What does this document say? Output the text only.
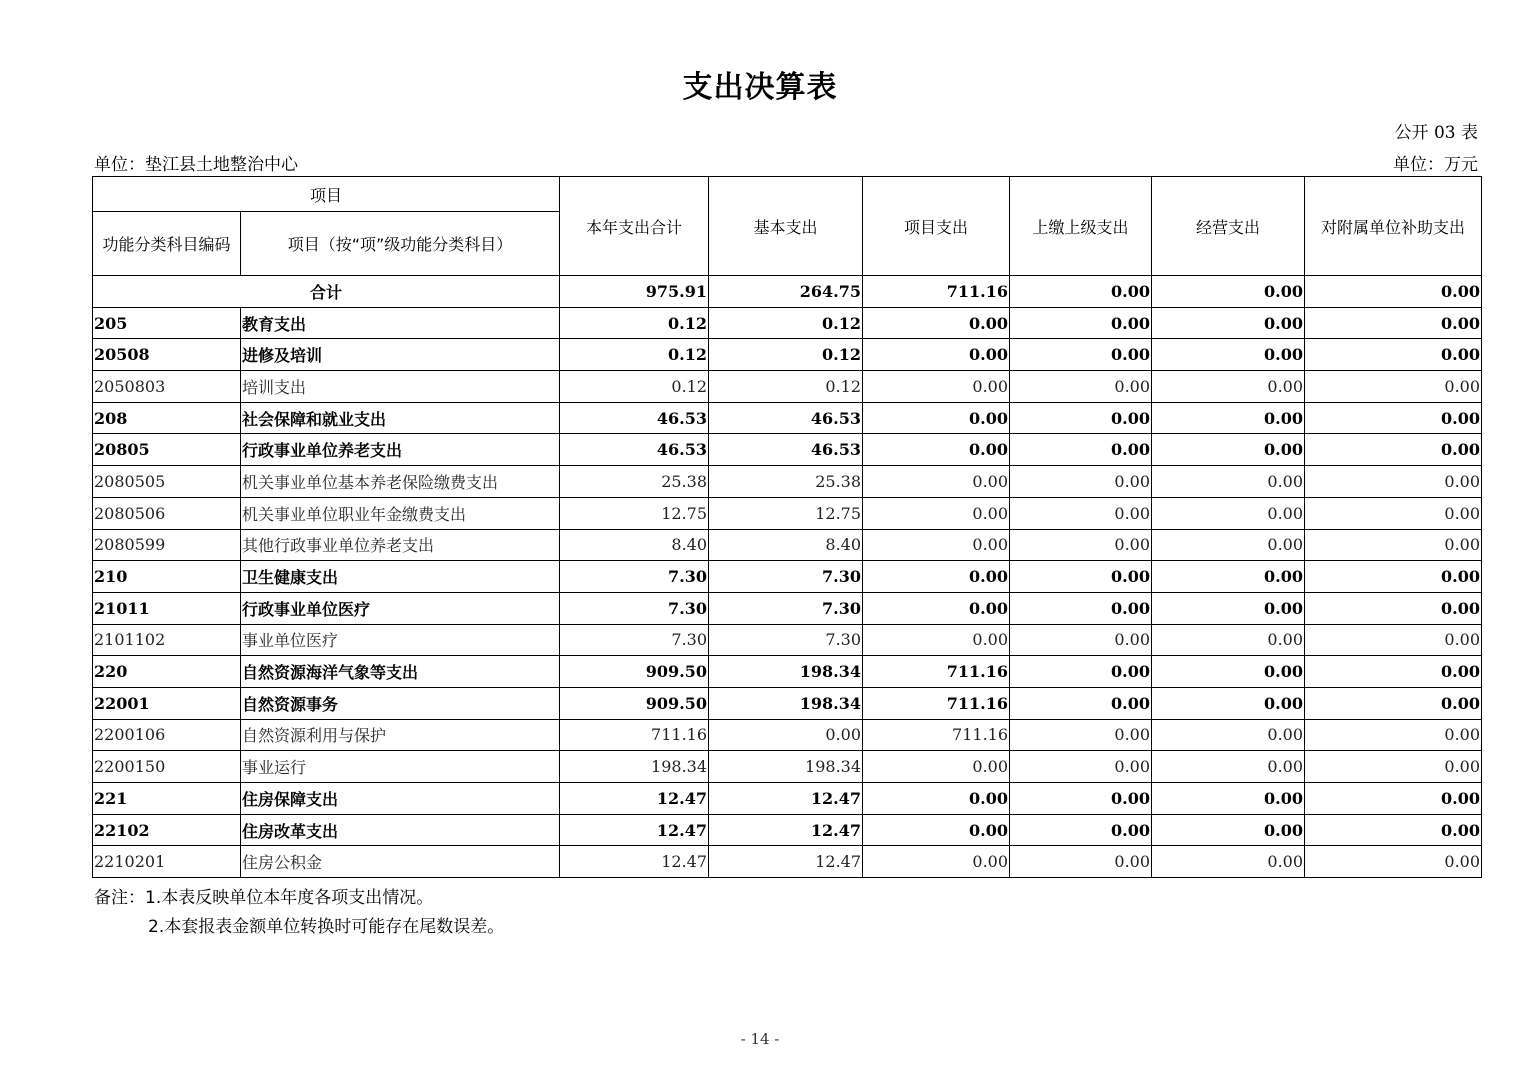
支出决算表
公开 03 表
单位：垫江县土地整治中心	单位：万元
项目		本年支出合计	基本支出	项目支出	上缴上级支出	经营支出	对附属单位补助支出
功能分类科目编码	项目（按“项”级功能分类科目）						
合计		975.91	264.75	711.16	0.00	0.00	0.00
205	教育支出	0.12	0.12	0.00	0.00	0.00	0.00
20508	进修及培训	0.12	0.12	0.00	0.00	0.00	0.00
2050803	培训支出	0.12	0.12	0.00	0.00	0.00	0.00
208	社会保障和就业支出	46.53	46.53	0.00	0.00	0.00	0.00
20805	行政事业单位养老支出	46.53	46.53	0.00	0.00	0.00	0.00
2080505	机关事业单位基本养老保险缴费支出	25.38	25.38	0.00	0.00	0.00	0.00
2080506	机关事业单位职业年金缴费支出	12.75	12.75	0.00	0.00	0.00	0.00
2080599	其他行政事业单位养老支出	8.40	8.40	0.00	0.00	0.00	0.00
210	卫生健康支出	7.30	7.30	0.00	0.00	0.00	0.00
21011	行政事业单位医疗	7.30	7.30	0.00	0.00	0.00	0.00
2101102	事业单位医疗	7.30	7.30	0.00	0.00	0.00	0.00
220	自然资源海洋气象等支出	909.50	198.34	711.16	0.00	0.00	0.00
22001	自然资源事务	909.50	198.34	711.16	0.00	0.00	0.00
2200106	自然资源利用与保护	711.16	0.00	711.16	0.00	0.00	0.00
2200150	事业运行	198.34	198.34	0.00	0.00	0.00	0.00
221	住房保障支出	12.47	12.47	0.00	0.00	0.00	0.00
22102	住房改革支出	12.47	12.47	0.00	0.00	0.00	0.00
2210201	住房公积金	12.47	12.47	0.00	0.00	0.00	0.00
备注：1.本表反映单位本年度各项支出情况。
2.本套报表金额单位转换时可能存在尾数误差。
- 14 -
